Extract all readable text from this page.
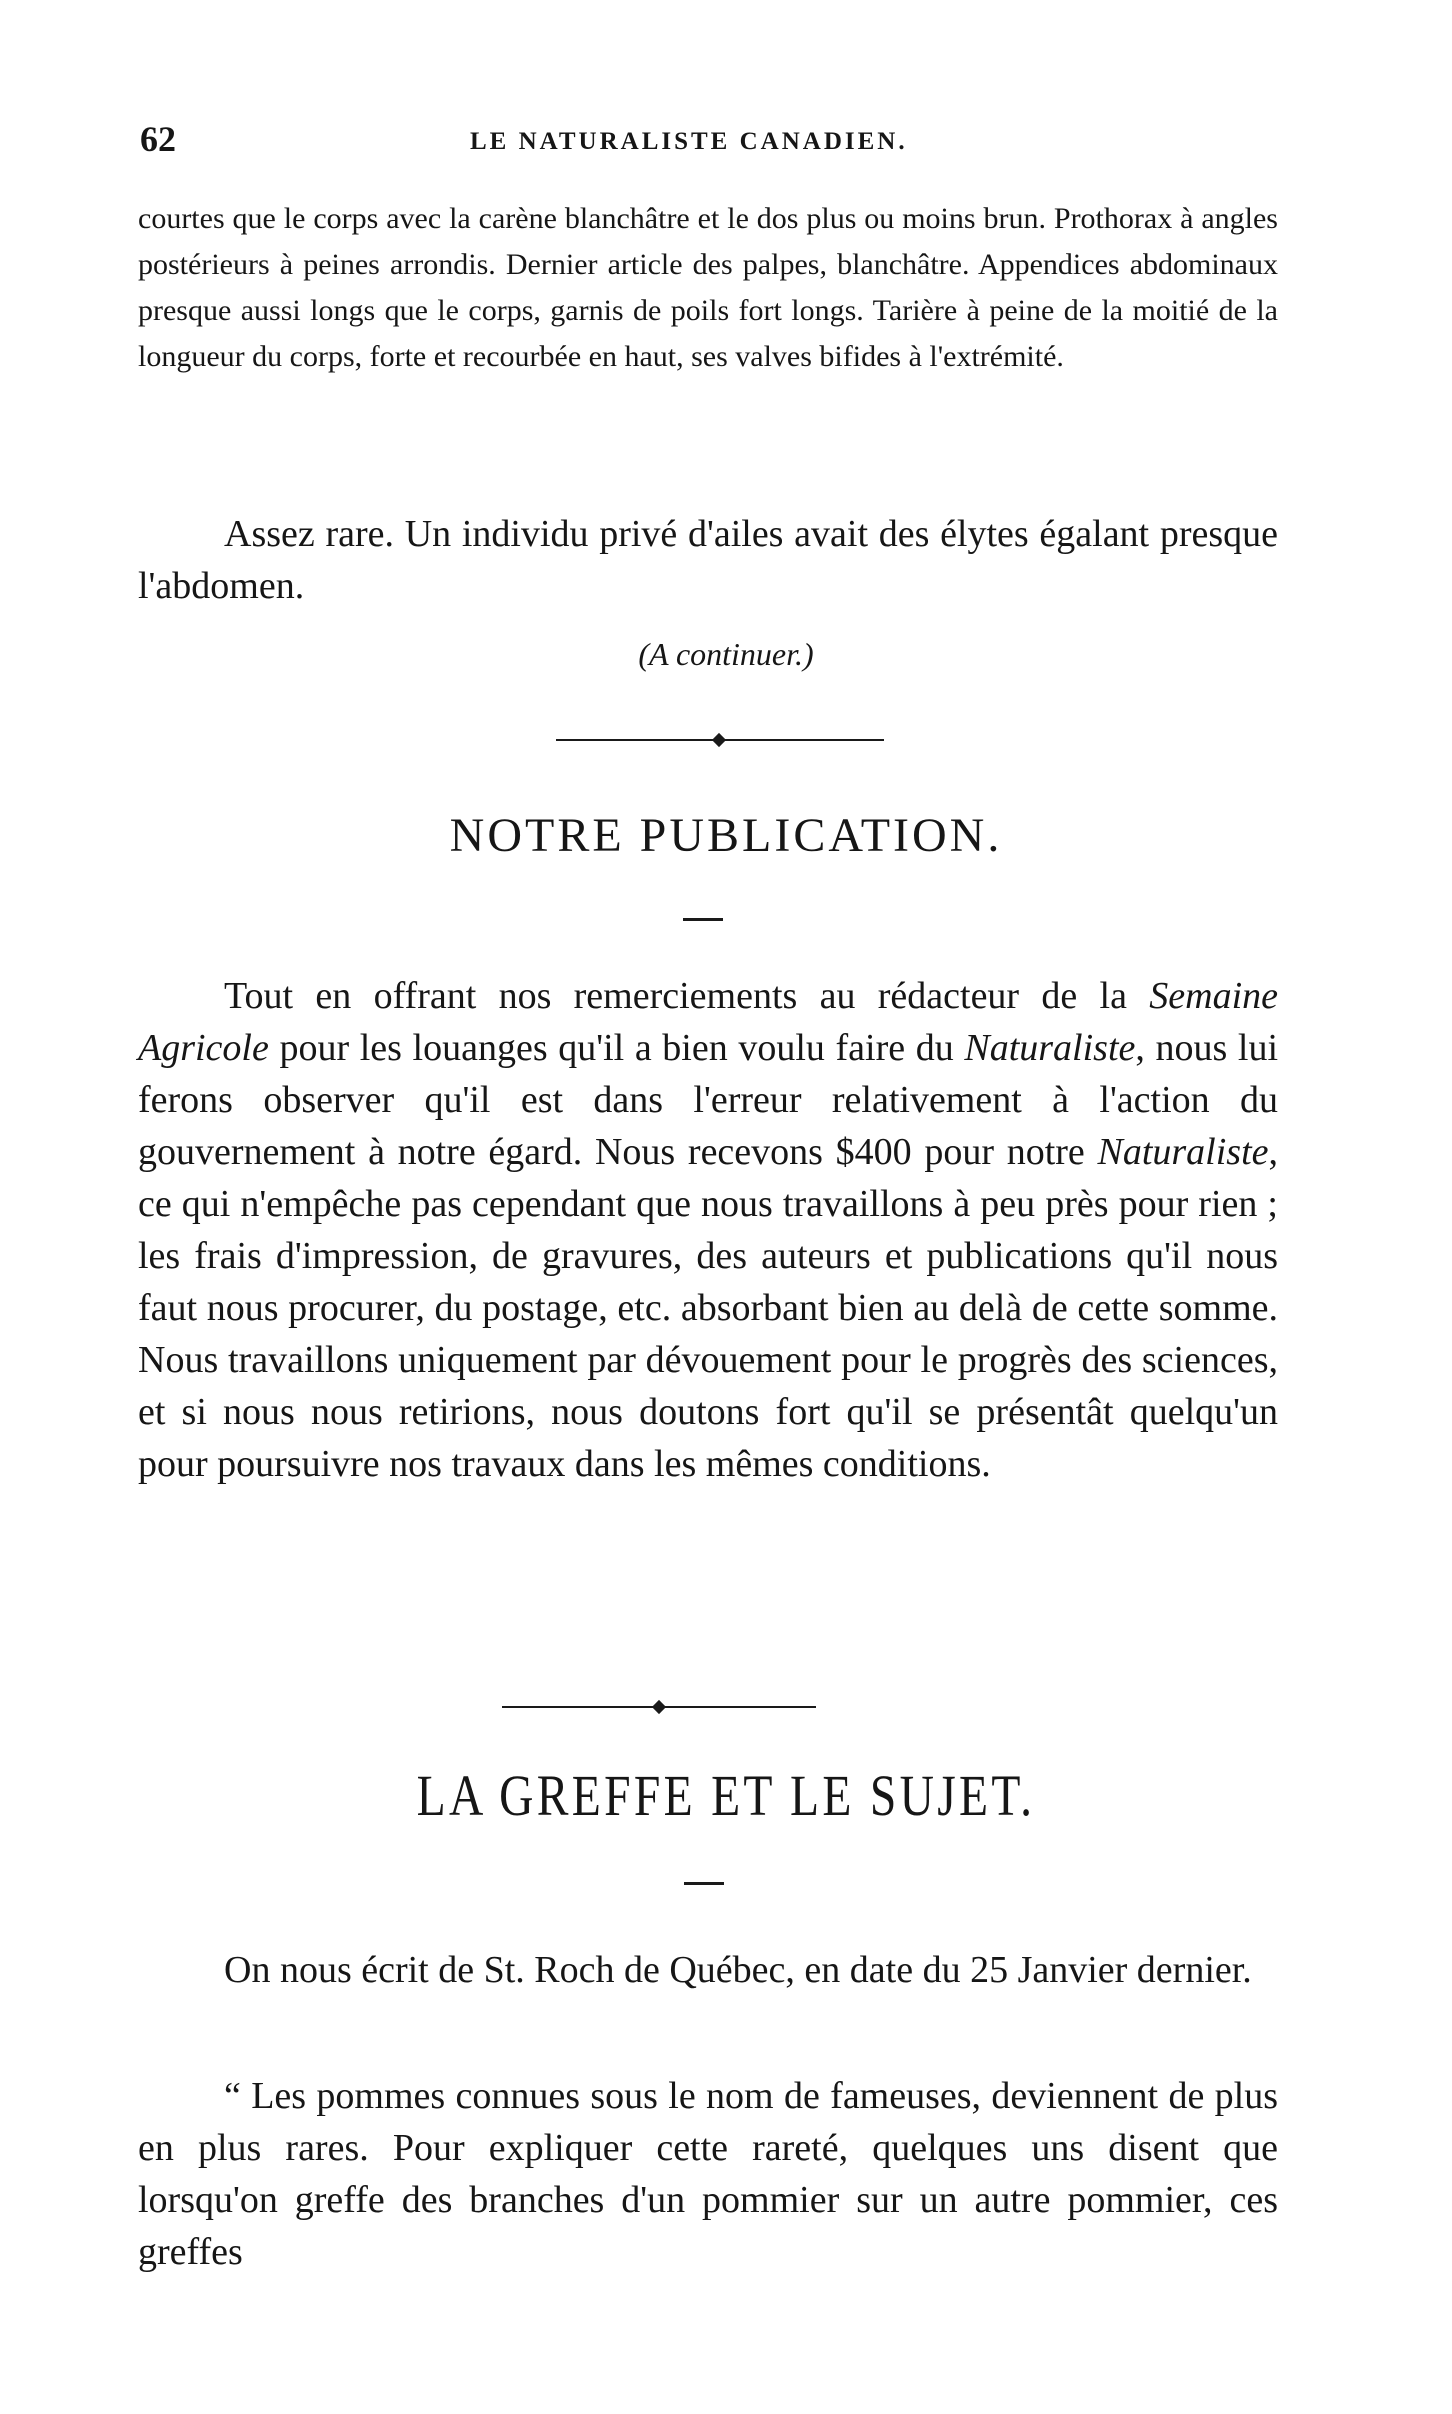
62	LE NATURALISTE CANADIEN.

courtes que le corps avec la carène blanchâtre et le dos plus ou moins brun. Prothorax à angles postérieurs à peines arrondis. Dernier article des palpes, blanchâtre. Appendices abdominaux presque aussi longs que le corps, garnis de poils fort longs. Tarière à peine de la moitié de la longueur du corps, forte et recourbée en haut, ses valves bifides à l'extrémité.

Assez rare. Un individu privé d'ailes avait des élytes égalant presque l'abdomen.

(A continuer.)
NOTRE PUBLICATION.

Tout en offrant nos remerciements au rédacteur de la Semaine Agricole pour les louanges qu'il a bien voulu faire du Naturaliste, nous lui ferons observer qu'il est dans l'erreur relativement à l'action du gouvernement à notre égard. Nous recevons $400 pour notre Naturaliste, ce qui n'empêche pas cependant que nous travaillons à peu près pour rien ; les frais d'impression, de gravures, des auteurs et publications qu'il nous faut nous procurer, du postage, etc. absorbant bien au delà de cette somme. Nous travaillons uniquement par dévouement pour le progrès des sciences, et si nous nous retirions, nous doutons fort qu'il se présentât quelqu'un pour poursuivre nos travaux dans les mêmes conditions.

LA GREFFE ET LE SUJET.

On nous écrit de St. Roch de Québec, en date du 25 Janvier dernier.

“ Les pommes connues sous le nom de fameuses, deviennent de plus en plus rares. Pour expliquer cette rareté, quelques uns disent que lorsqu'on greffe des branches d'un pommier sur un autre pommier, ces greffes
